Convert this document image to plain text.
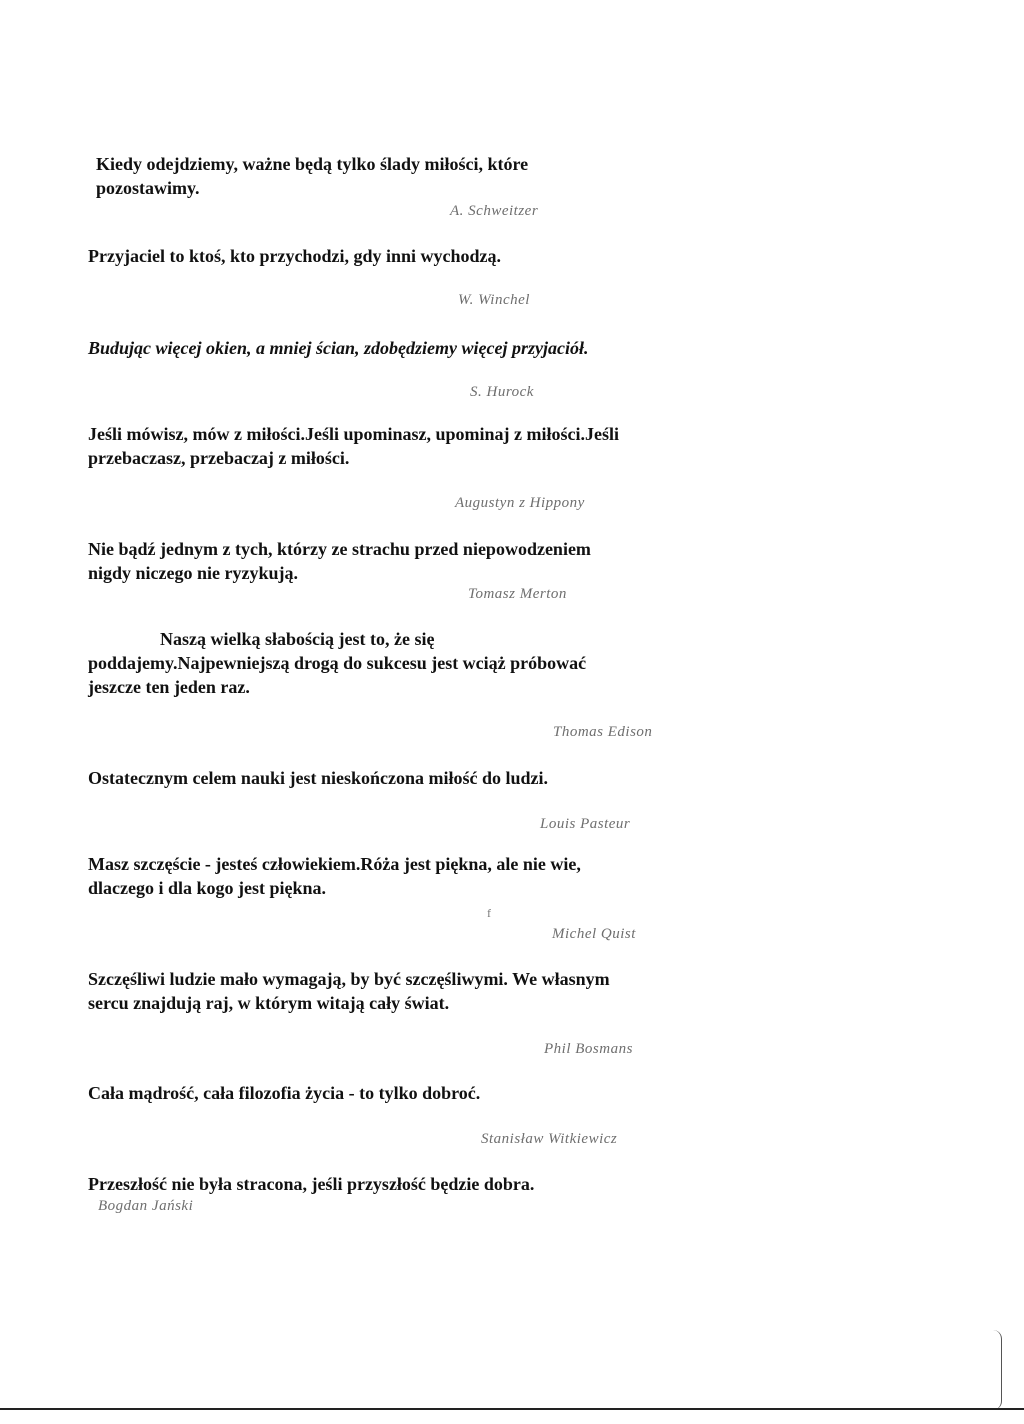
Kiedy odejdziemy, ważne będą tylko ślady miłości, które
pozostawimy.

A. Schweitzer

Przyjaciel to ktoś, kto przychodzi, gdy inni wychodzą.

W. Winchel

Budując więcej okien, a mniej ścian, zdobędziemy więcej przyjaciół.

S. Hurock

Jeśli mówisz, mów z miłości.Jeśli upominasz, upominaj z miłości.Jeśli
przebaczasz, przebaczaj z miłości.

Augustyn z Hippony

Nie bądź jednym z tych, którzy ze strachu przed niepowodzeniem
nigdy niczego nie ryzykują.

Tomasz Merton

Naszą wielką słabością jest to, że się
poddajemy.Najpewniejszą drogą do sukcesu jest wciąż próbować
jeszcze ten jeden raz.

Thomas Edison

Ostatecznym celem nauki jest nieskończona miłość do ludzi.

Louis Pasteur

Masz szczęście - jesteś człowiekiem.Róża jest piękna, ale nie wie,
dlaczego i dla kogo jest piękna.

f

Michel Quist

Szczęśliwi ludzie mało wymagają, by być szczęśliwymi. We własnym
sercu znajdują raj, w którym witają cały świat.

Phil Bosmans

Cała mądrość, cała filozofia życia - to tylko dobroć.

Stanisław Witkiewicz

Przeszłość nie była stracona, jeśli przyszłość będzie dobra.

Bogdan Jański
